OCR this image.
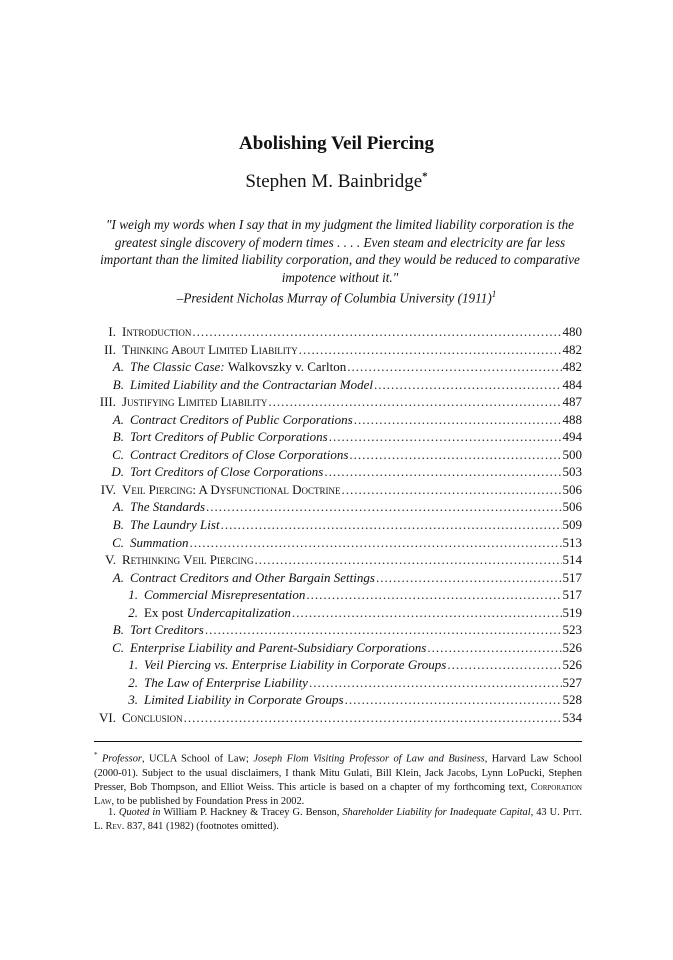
Abolishing Veil Piercing
Stephen M. Bainbridge*
"I weigh my words when I say that in my judgment the limited liability corporation is the greatest single discovery of modern times . . . . Even steam and electricity are far less important than the limited liability corporation, and they would be reduced to comparative impotence without it."
–President Nicholas Murray of Columbia University $(1911)^1$
I. Introduction .....	480
II. Thinking About Limited Liability .....	482
A. The Classic Case: Walkovszky v. Carlton .....	482
B. Limited Liability and the Contractarian Model .....	484
III. Justifying Limited Liability .....	487
A. Contract Creditors of Public Corporations .....	488
B. Tort Creditors of Public Corporations .....	494
C. Contract Creditors of Close Corporations .....	500
D. Tort Creditors of Close Corporations .....	503
IV. Veil Piercing: A Dysfunctional Doctrine .....	506
A. The Standards .....	506
B. The Laundry List .....	509
C. Summation .....	513
V. Rethinking Veil Piercing .....	514
A. Contract Creditors and Other Bargain Settings .....	517
1. Commercial Misrepresentation .....	517
2. Ex post Undercapitalization .....	519
B. Tort Creditors .....	523
C. Enterprise Liability and Parent-Subsidiary Corporations .....	526
1. Veil Piercing vs. Enterprise Liability in Corporate Groups .....	526
2. The Law of Enterprise Liability .....	527
3. Limited Liability in Corporate Groups .....	528
VI. Conclusion .....	534
* Professor, UCLA School of Law; Joseph Flom Visiting Professor of Law and Business, Harvard Law School (2000-01). Subject to the usual disclaimers, I thank Mitu Gulati, Bill Klein, Jack Jacobs, Lynn LoPucki, Stephen Presser, Bob Thompson, and Elliot Weiss. This article is based on a chapter of my forthcoming text, Corporation Law, to be published by Foundation Press in 2002.
1. Quoted in William P. Hackney & Tracey G. Benson, Shareholder Liability for Inadequate Capital, 43 U. Pitt. L. Rev. 837, 841 (1982) (footnotes omitted).
